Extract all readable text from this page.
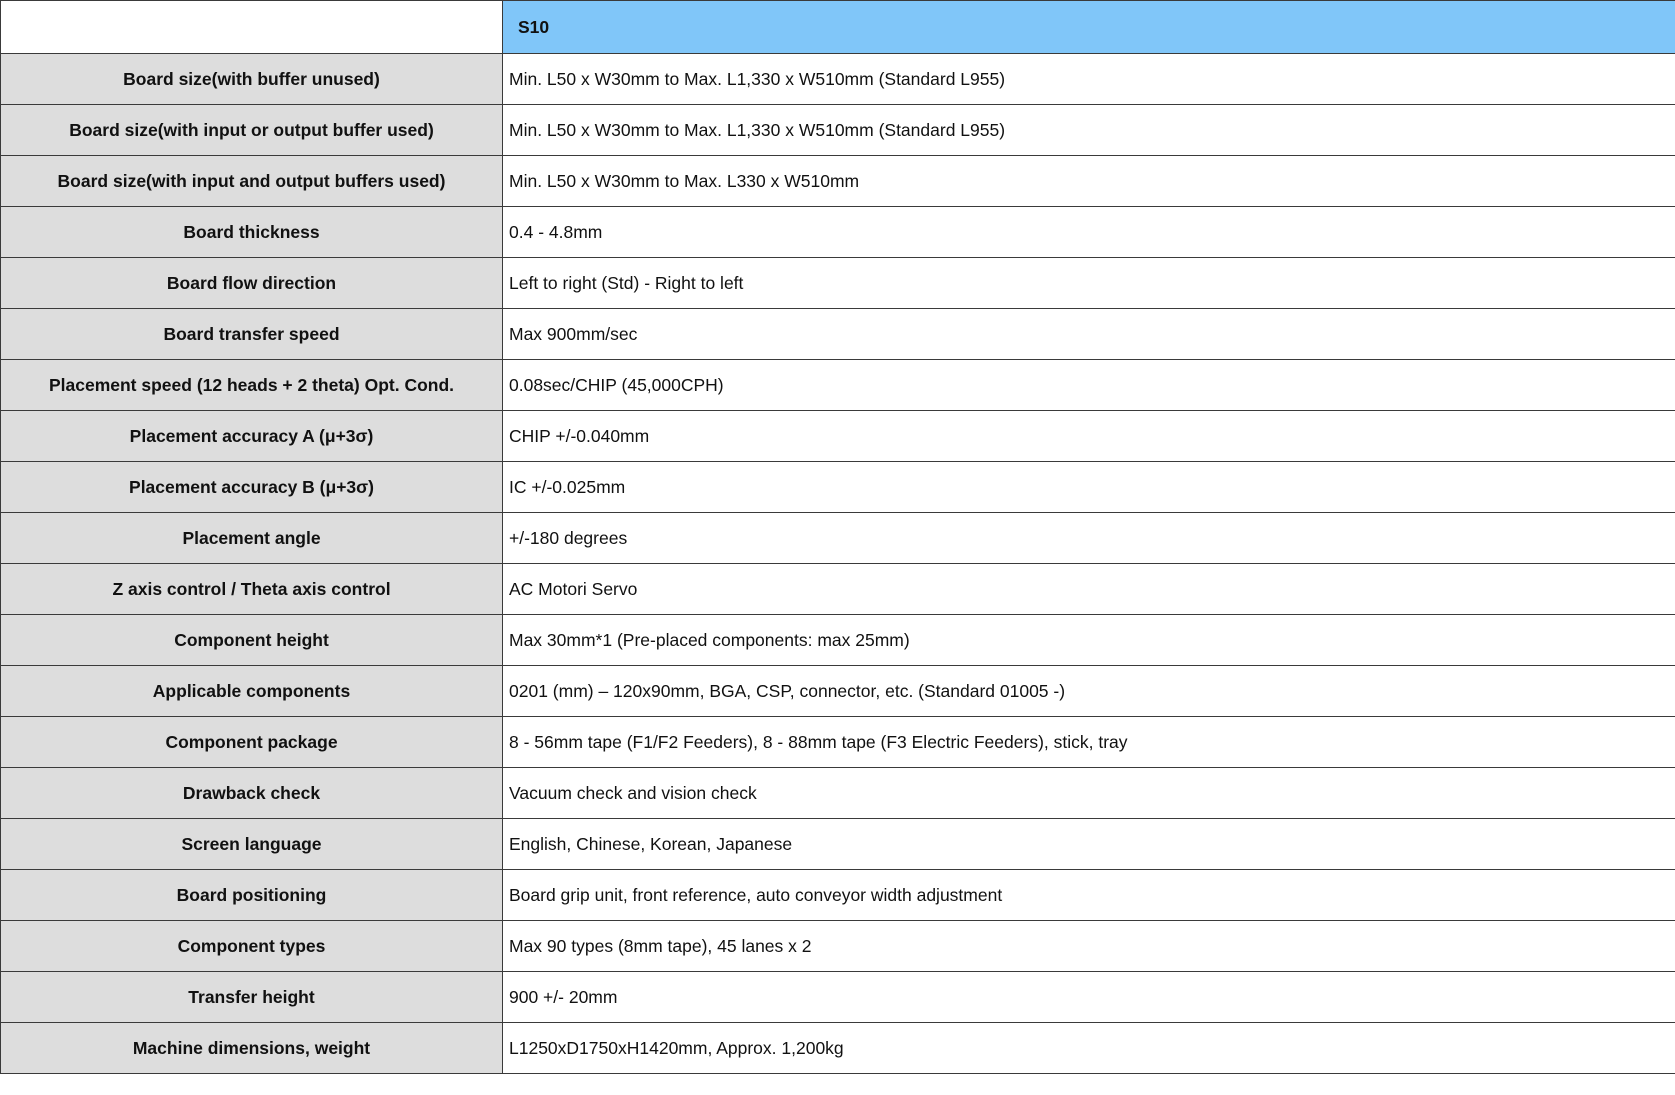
	S10
Board size(with buffer unused)	Min. L50 x W30mm to Max. L1,330 x W510mm (Standard L955)
Board size(with input or output buffer used)	Min. L50 x W30mm to Max. L1,330 x W510mm (Standard L955)
Board size(with input and output buffers used)	Min. L50 x W30mm to Max. L330 x W510mm
Board thickness	0.4 - 4.8mm
Board flow direction	Left to right (Std) - Right to left
Board transfer speed	Max 900mm/sec
Placement speed (12 heads + 2 theta) Opt. Cond.	0.08sec/CHIP (45,000CPH)
Placement accuracy A (μ+3σ)	CHIP +/-0.040mm
Placement accuracy B (μ+3σ)	IC +/-0.025mm
Placement angle	+/-180 degrees
Z axis control / Theta axis control	AC Motori Servo
Component height	Max 30mm*1 (Pre-placed components: max 25mm)
Applicable components	0201 (mm) – 120x90mm, BGA, CSP, connector, etc. (Standard 01005 -)
Component package	8 - 56mm tape (F1/F2 Feeders), 8 - 88mm tape (F3 Electric Feeders), stick, tray
Drawback check	Vacuum check and vision check
Screen language	English, Chinese, Korean, Japanese
Board positioning	Board grip unit, front reference, auto conveyor width adjustment
Component types	Max 90 types (8mm tape), 45 lanes x 2
Transfer height	900 +/- 20mm
Machine dimensions, weight	L1250xD1750xH1420mm, Approx. 1,200kg
